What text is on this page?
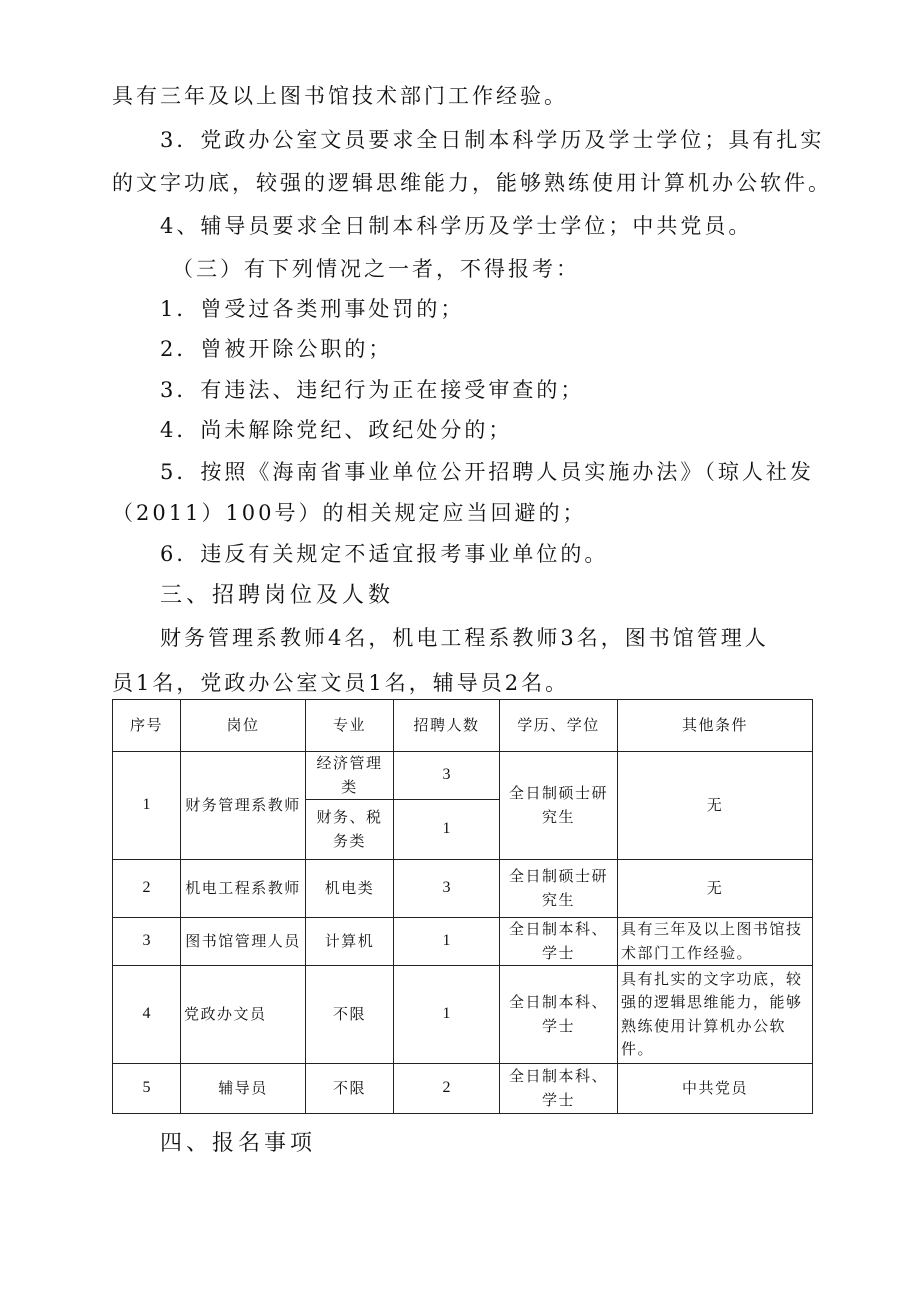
具有三年及以上图书馆技术部门工作经验。
3．党政办公室文员要求全日制本科学历及学士学位；具有扎实
的文字功底，较强的逻辑思维能力，能够熟练使用计算机办公软件。
4、辅导员要求全日制本科学历及学士学位；中共党员。
（三）有下列情况之一者，不得报考：
1．曾受过各类刑事处罚的；
2．曾被开除公职的；
3．有违法、违纪行为正在接受审查的；
4．尚未解除党纪、政纪处分的；
5．按照《海南省事业单位公开招聘人员实施办法》（琼人社发
（2011）100号）的相关规定应当回避的；
6．违反有关规定不适宜报考事业单位的。
三、招聘岗位及人数
财务管理系教师4名，机电工程系教师3名，图书馆管理人
员1名，党政办公室文员1名，辅导员2名。
序号	岗位	专业	招聘人数	学历、学位	其他条件
1	财务管理系教师	经济管理类	3	全日制硕士研究生	无
		财务、税务类	1		
2	机电工程系教师	机电类	3	全日制硕士研究生	无
3	图书馆管理人员	计算机	1	全日制本科、学士	具有三年及以上图书馆技术部门工作经验。
4	党政办文员	不限	1	全日制本科、学士	具有扎实的文字功底，较强的逻辑思维能力，能够熟练使用计算机办公软件。
5	辅导员	不限	2	全日制本科、学士	中共党员
四、报名事项
